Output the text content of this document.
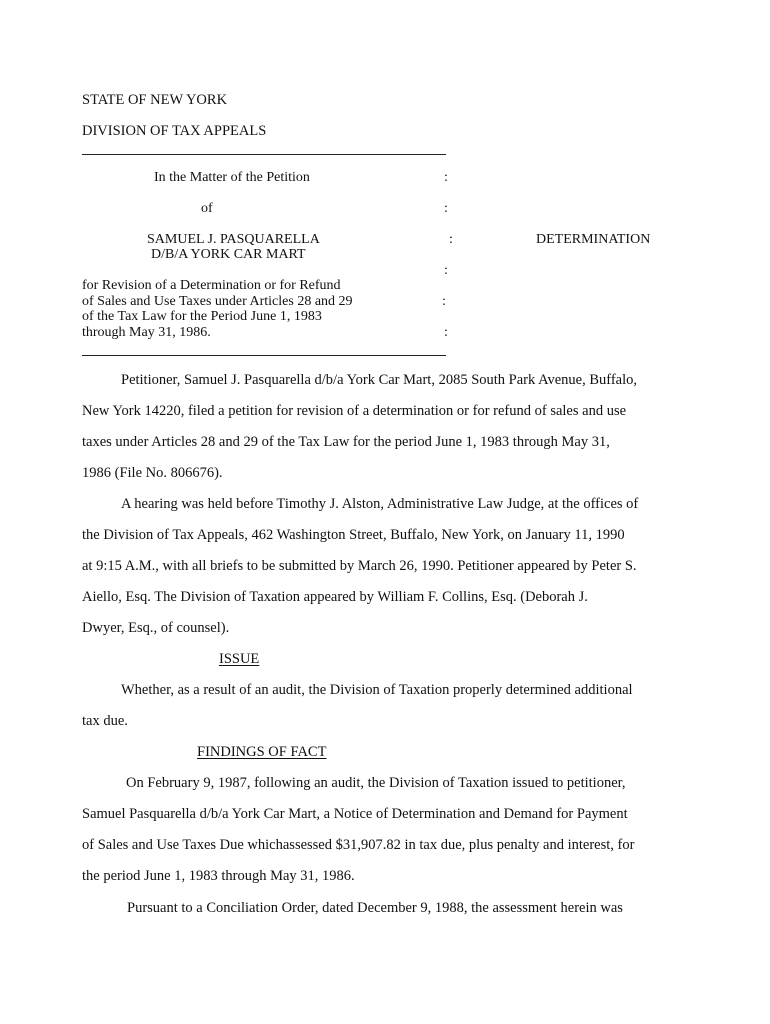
STATE OF NEW YORK
DIVISION OF TAX APPEALS
In the Matter of the Petition	:
of	:
SAMUEL J. PASQUARELLA	:	DETERMINATION
D/B/A YORK CAR MART
:
for Revision of a Determination or for Refund
of Sales and Use Taxes under Articles 28 and 29	:
of the Tax Law for the Period June 1, 1983
through May 31, 1986.	:
Petitioner, Samuel J. Pasquarella d/b/a York Car Mart, 2085 South Park Avenue, Buffalo,
New York 14220, filed a petition for revision of a determination or for refund of sales and use
taxes under Articles 28 and 29 of the Tax Law for the period June 1, 1983 through May 31,
1986 (File No. 806676).
A hearing was held before Timothy J. Alston, Administrative Law Judge, at the offices of
the Division of Tax Appeals, 462 Washington Street, Buffalo, New York, on January 11, 1990
at 9:15 A.M., with all briefs to be submitted by March 26, 1990. Petitioner appeared by Peter S.
Aiello, Esq. The Division of Taxation appeared by William F. Collins, Esq. (Deborah J.
Dwyer, Esq., of counsel).
ISSUE
Whether, as a result of an audit, the Division of Taxation properly determined additional
tax due.
FINDINGS OF FACT
On February 9, 1987, following an audit, the Division of Taxation issued to petitioner,
Samuel Pasquarella d/b/a York Car Mart, a Notice of Determination and Demand for Payment
of Sales and Use Taxes Due whichassessed $31,907.82 in tax due, plus penalty and interest, for
the period June 1, 1983 through May 31, 1986.
Pursuant to a Conciliation Order, dated December 9, 1988, the assessment herein was
